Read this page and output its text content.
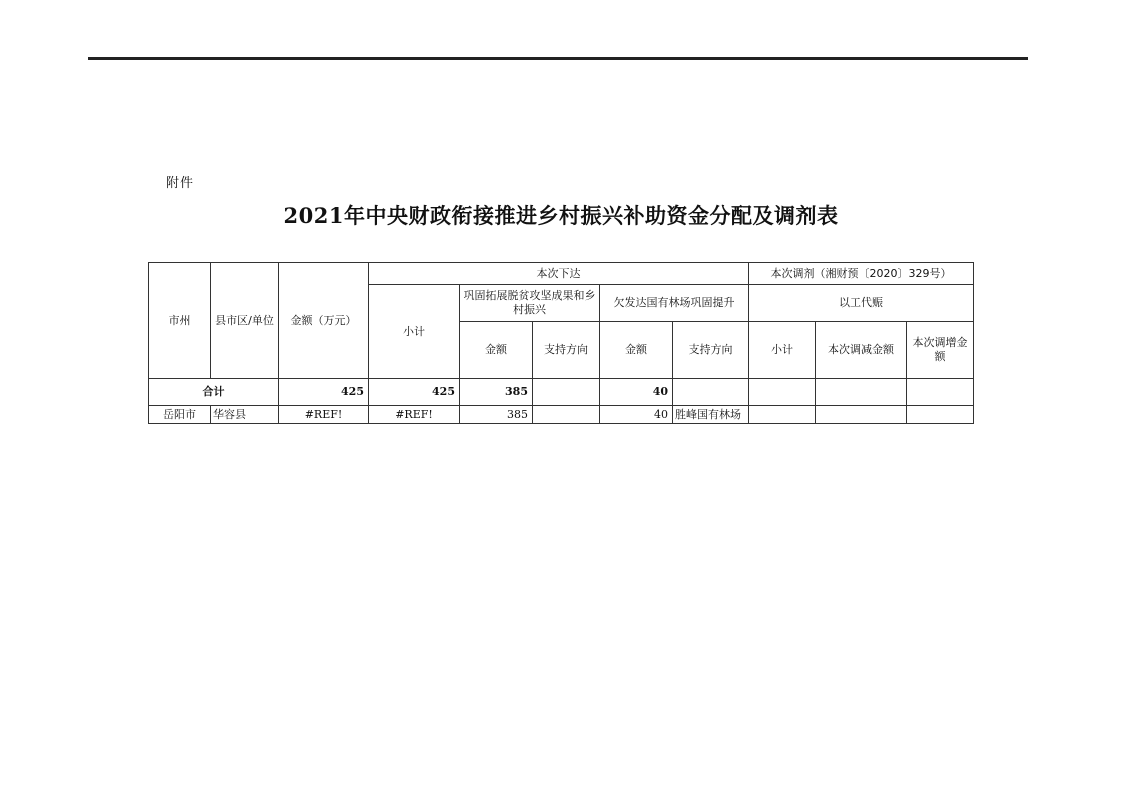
附件
2021年中央财政衔接推进乡村振兴补助资金分配及调剂表
市州	县市区/单位	金额（万元）	本次下达					本次调剂（湘财预〔2020〕329号）		
			小计	巩固拓展脱贫攻坚成果和乡村振兴		欠发达国有林场巩固提升		以工代赈		
				金额	支持方向	金额	支持方向	小计	本次调减金额	本次调增金额
合计		425	425	385		40				
岳阳市	华容县	#REF!	#REF!	385		40	胜峰国有林场			
